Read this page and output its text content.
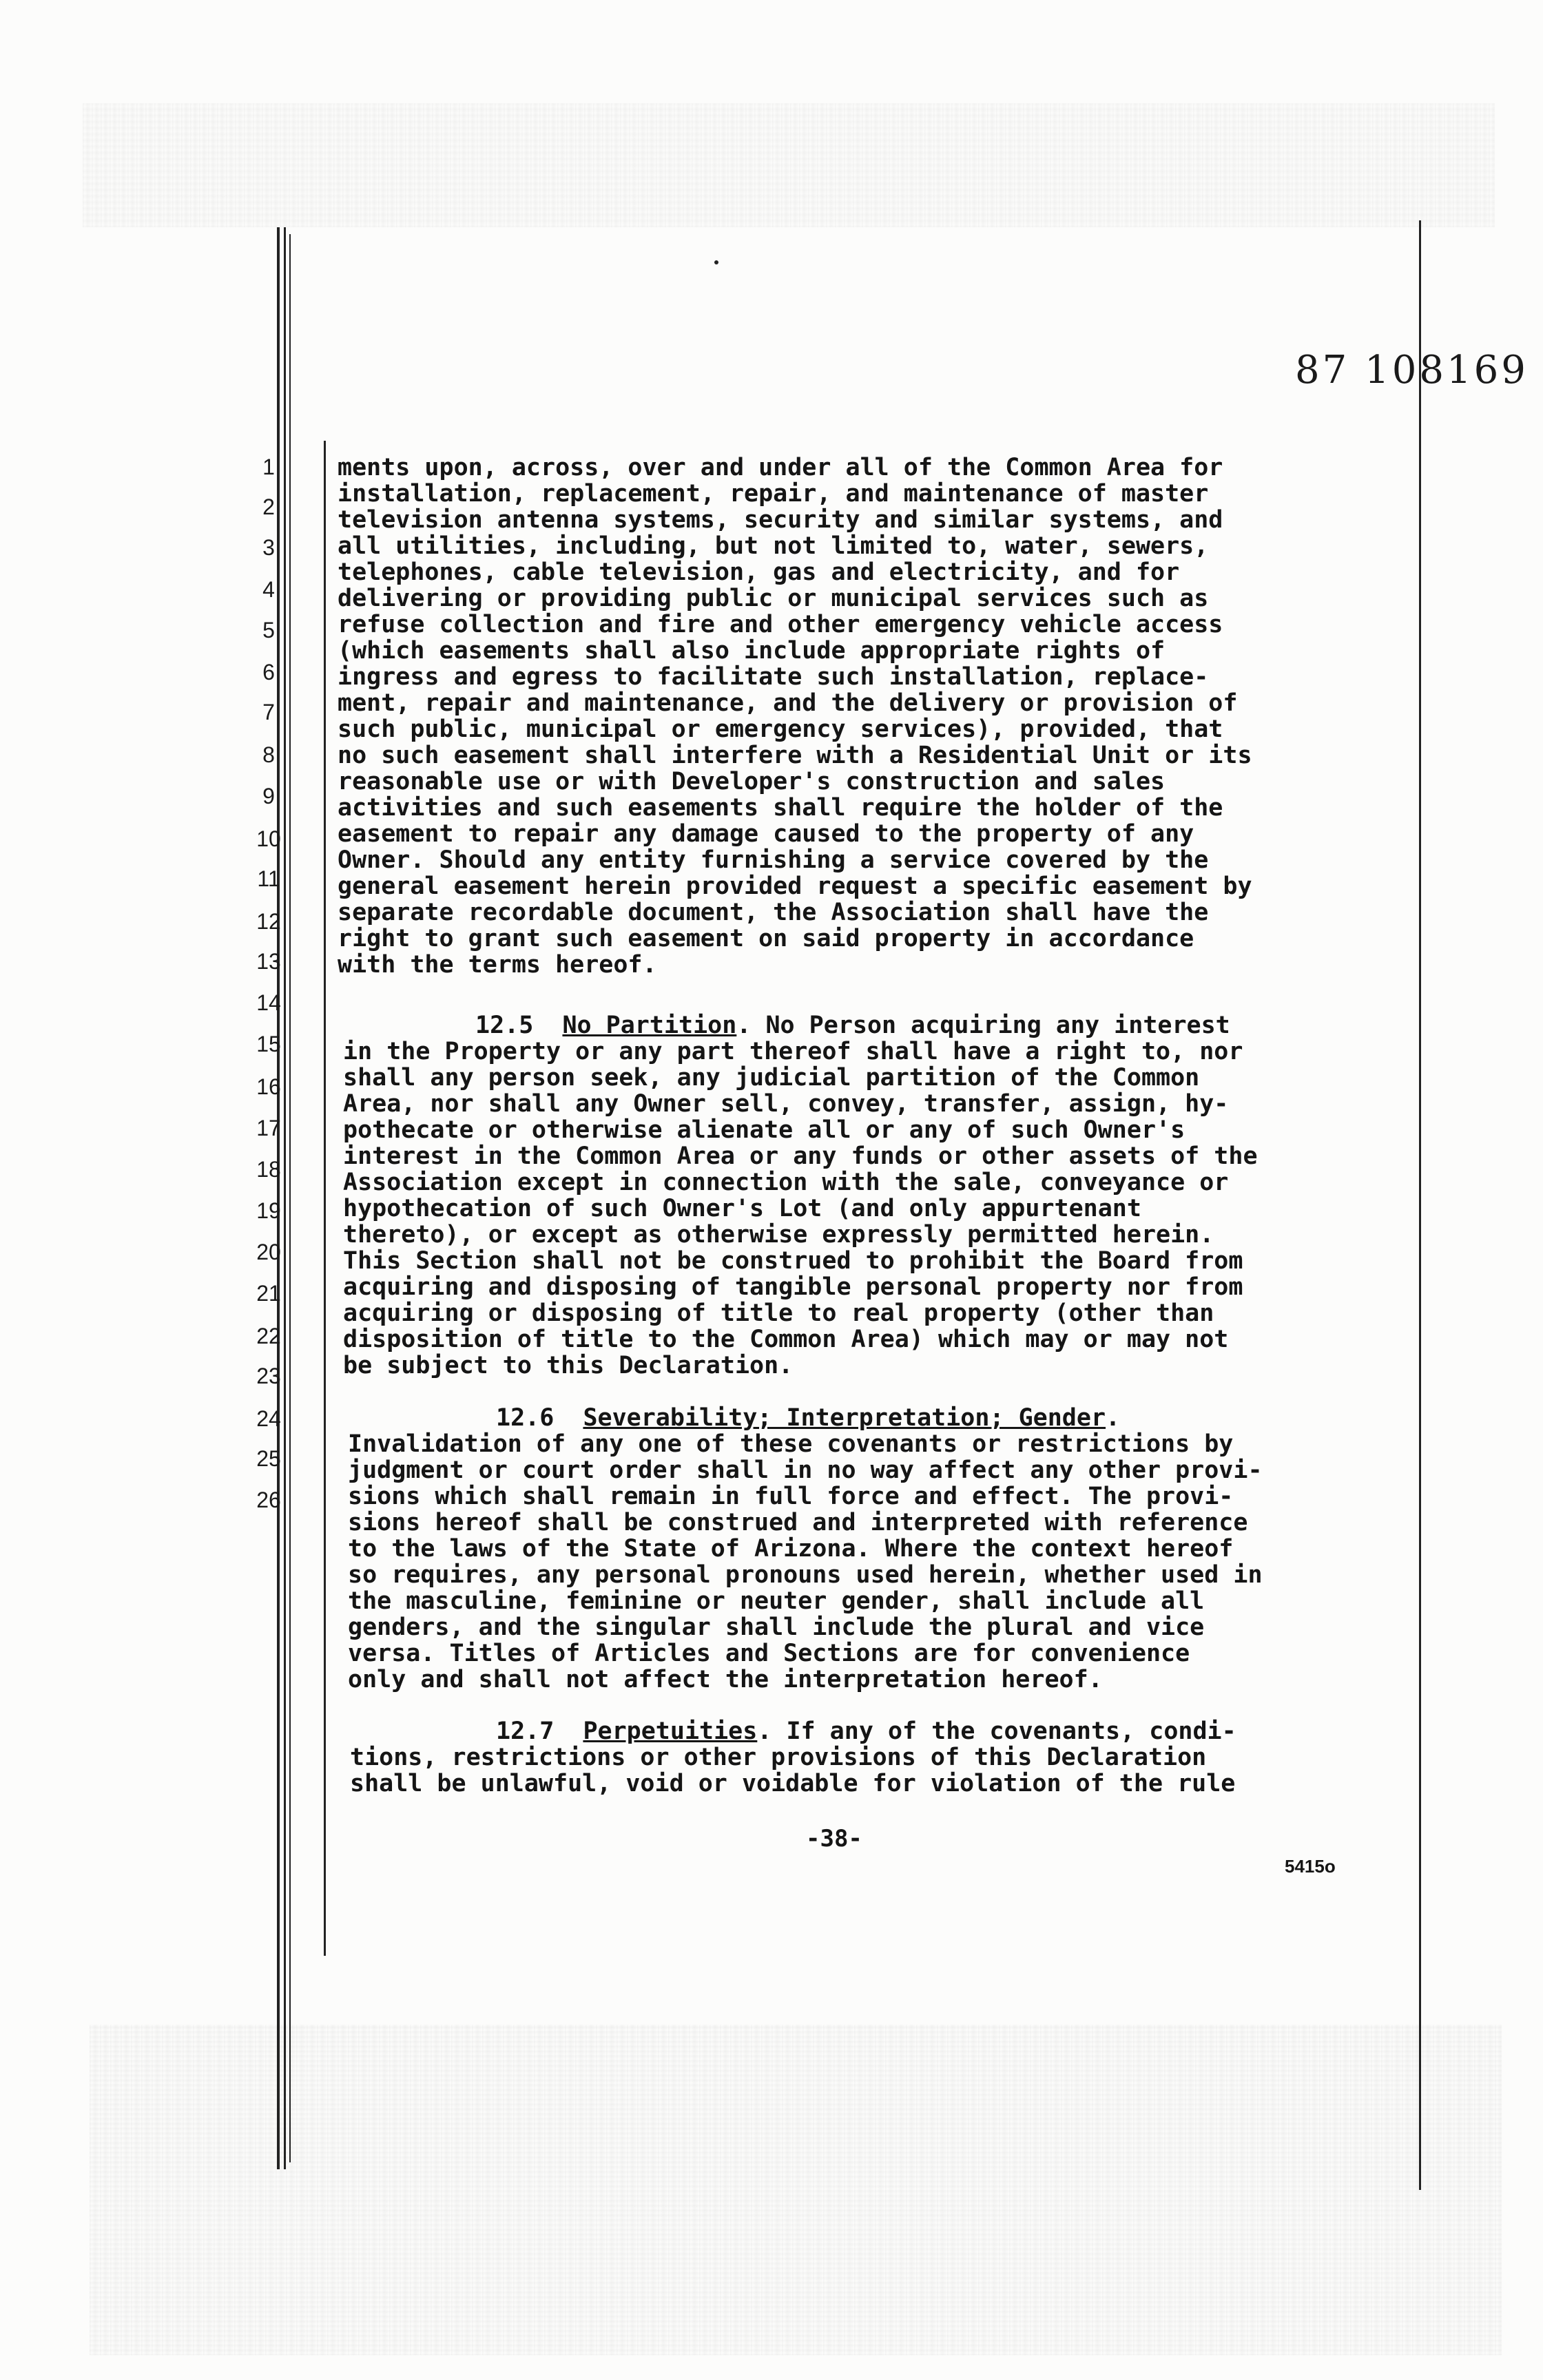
87 108169
1
2
3
4
5
6
7
8
9
10
11
12
13
14
15
16
17
18
19
20
21
22
23
24
25
26
ments upon, across, over and under all of the Common Area for
installation, replacement, repair, and maintenance of master
television antenna systems, security and similar systems, and
all utilities, including, but not limited to, water, sewers,
telephones, cable television, gas and electricity, and for
delivering or providing public or municipal services such as
refuse collection and fire and other emergency vehicle access
(which easements shall also include appropriate rights of
ingress and egress to facilitate such installation, replace-
ment, repair and maintenance, and the delivery or provision of
such public, municipal or emergency services), provided, that
no such easement shall interfere with a Residential Unit or its
reasonable use or with Developer's construction and sales
activities and such easements shall require the holder of the
easement to repair any damage caused to the property of any
Owner. Should any entity furnishing a service covered by the
general easement herein provided request a specific easement by
separate recordable document, the Association shall have the
right to grant such easement on said property in accordance
with the terms hereof.
12.5  No Partition. No Person acquiring any interest
in the Property or any part thereof shall have a right to, nor
shall any person seek, any judicial partition of the Common
Area, nor shall any Owner sell, convey, transfer, assign, hy-
pothecate or otherwise alienate all or any of such Owner's
interest in the Common Area or any funds or other assets of the
Association except in connection with the sale, conveyance or
hypothecation of such Owner's Lot (and only appurtenant
thereto), or except as otherwise expressly permitted herein.
This Section shall not be construed to prohibit the Board from
acquiring and disposing of tangible personal property nor from
acquiring or disposing of title to real property (other than
disposition of title to the Common Area) which may or may not
be subject to this Declaration.
12.6  Severability; Interpretation; Gender.
Invalidation of any one of these covenants or restrictions by
judgment or court order shall in no way affect any other provi-
sions which shall remain in full force and effect. The provi-
sions hereof shall be construed and interpreted with reference
to the laws of the State of Arizona. Where the context hereof
so requires, any personal pronouns used herein, whether used in
the masculine, feminine or neuter gender, shall include all
genders, and the singular shall include the plural and vice
versa. Titles of Articles and Sections are for convenience
only and shall not affect the interpretation hereof.
12.7  Perpetuities. If any of the covenants, condi-
tions, restrictions or other provisions of this Declaration
shall be unlawful, void or voidable for violation of the rule
-38-
5415o
